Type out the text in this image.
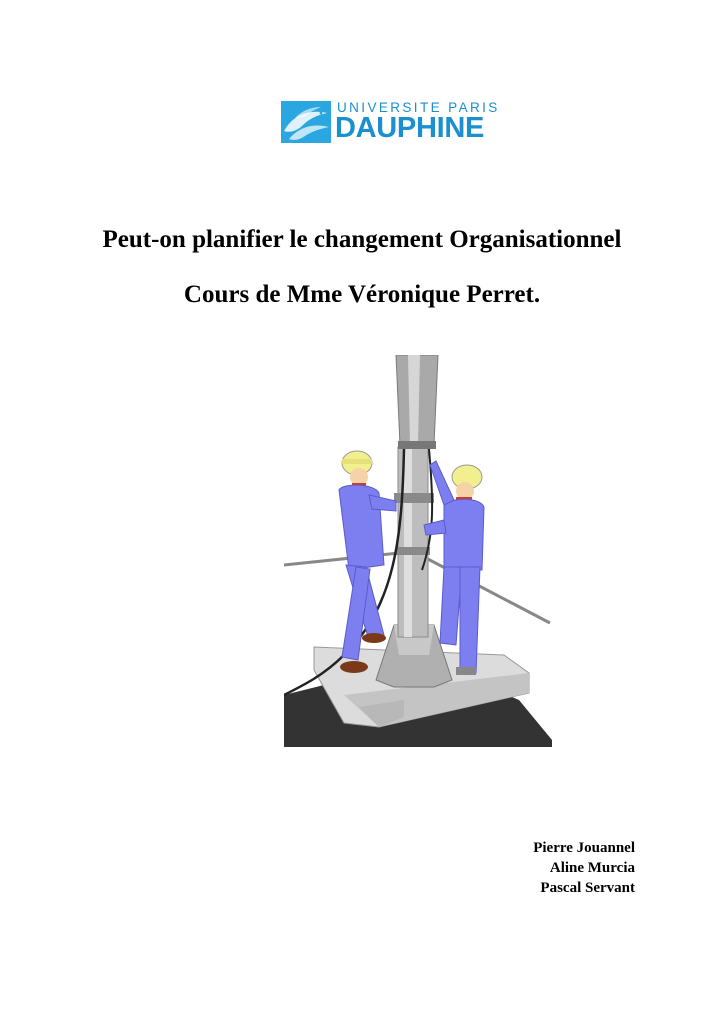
UNIVERSITE PARIS
DAUPHINE
Peut-on planifier le changement Organisationnel
Cours de Mme Véronique Perret.
Pierre Jouannel
Aline Murcia
Pascal Servant
